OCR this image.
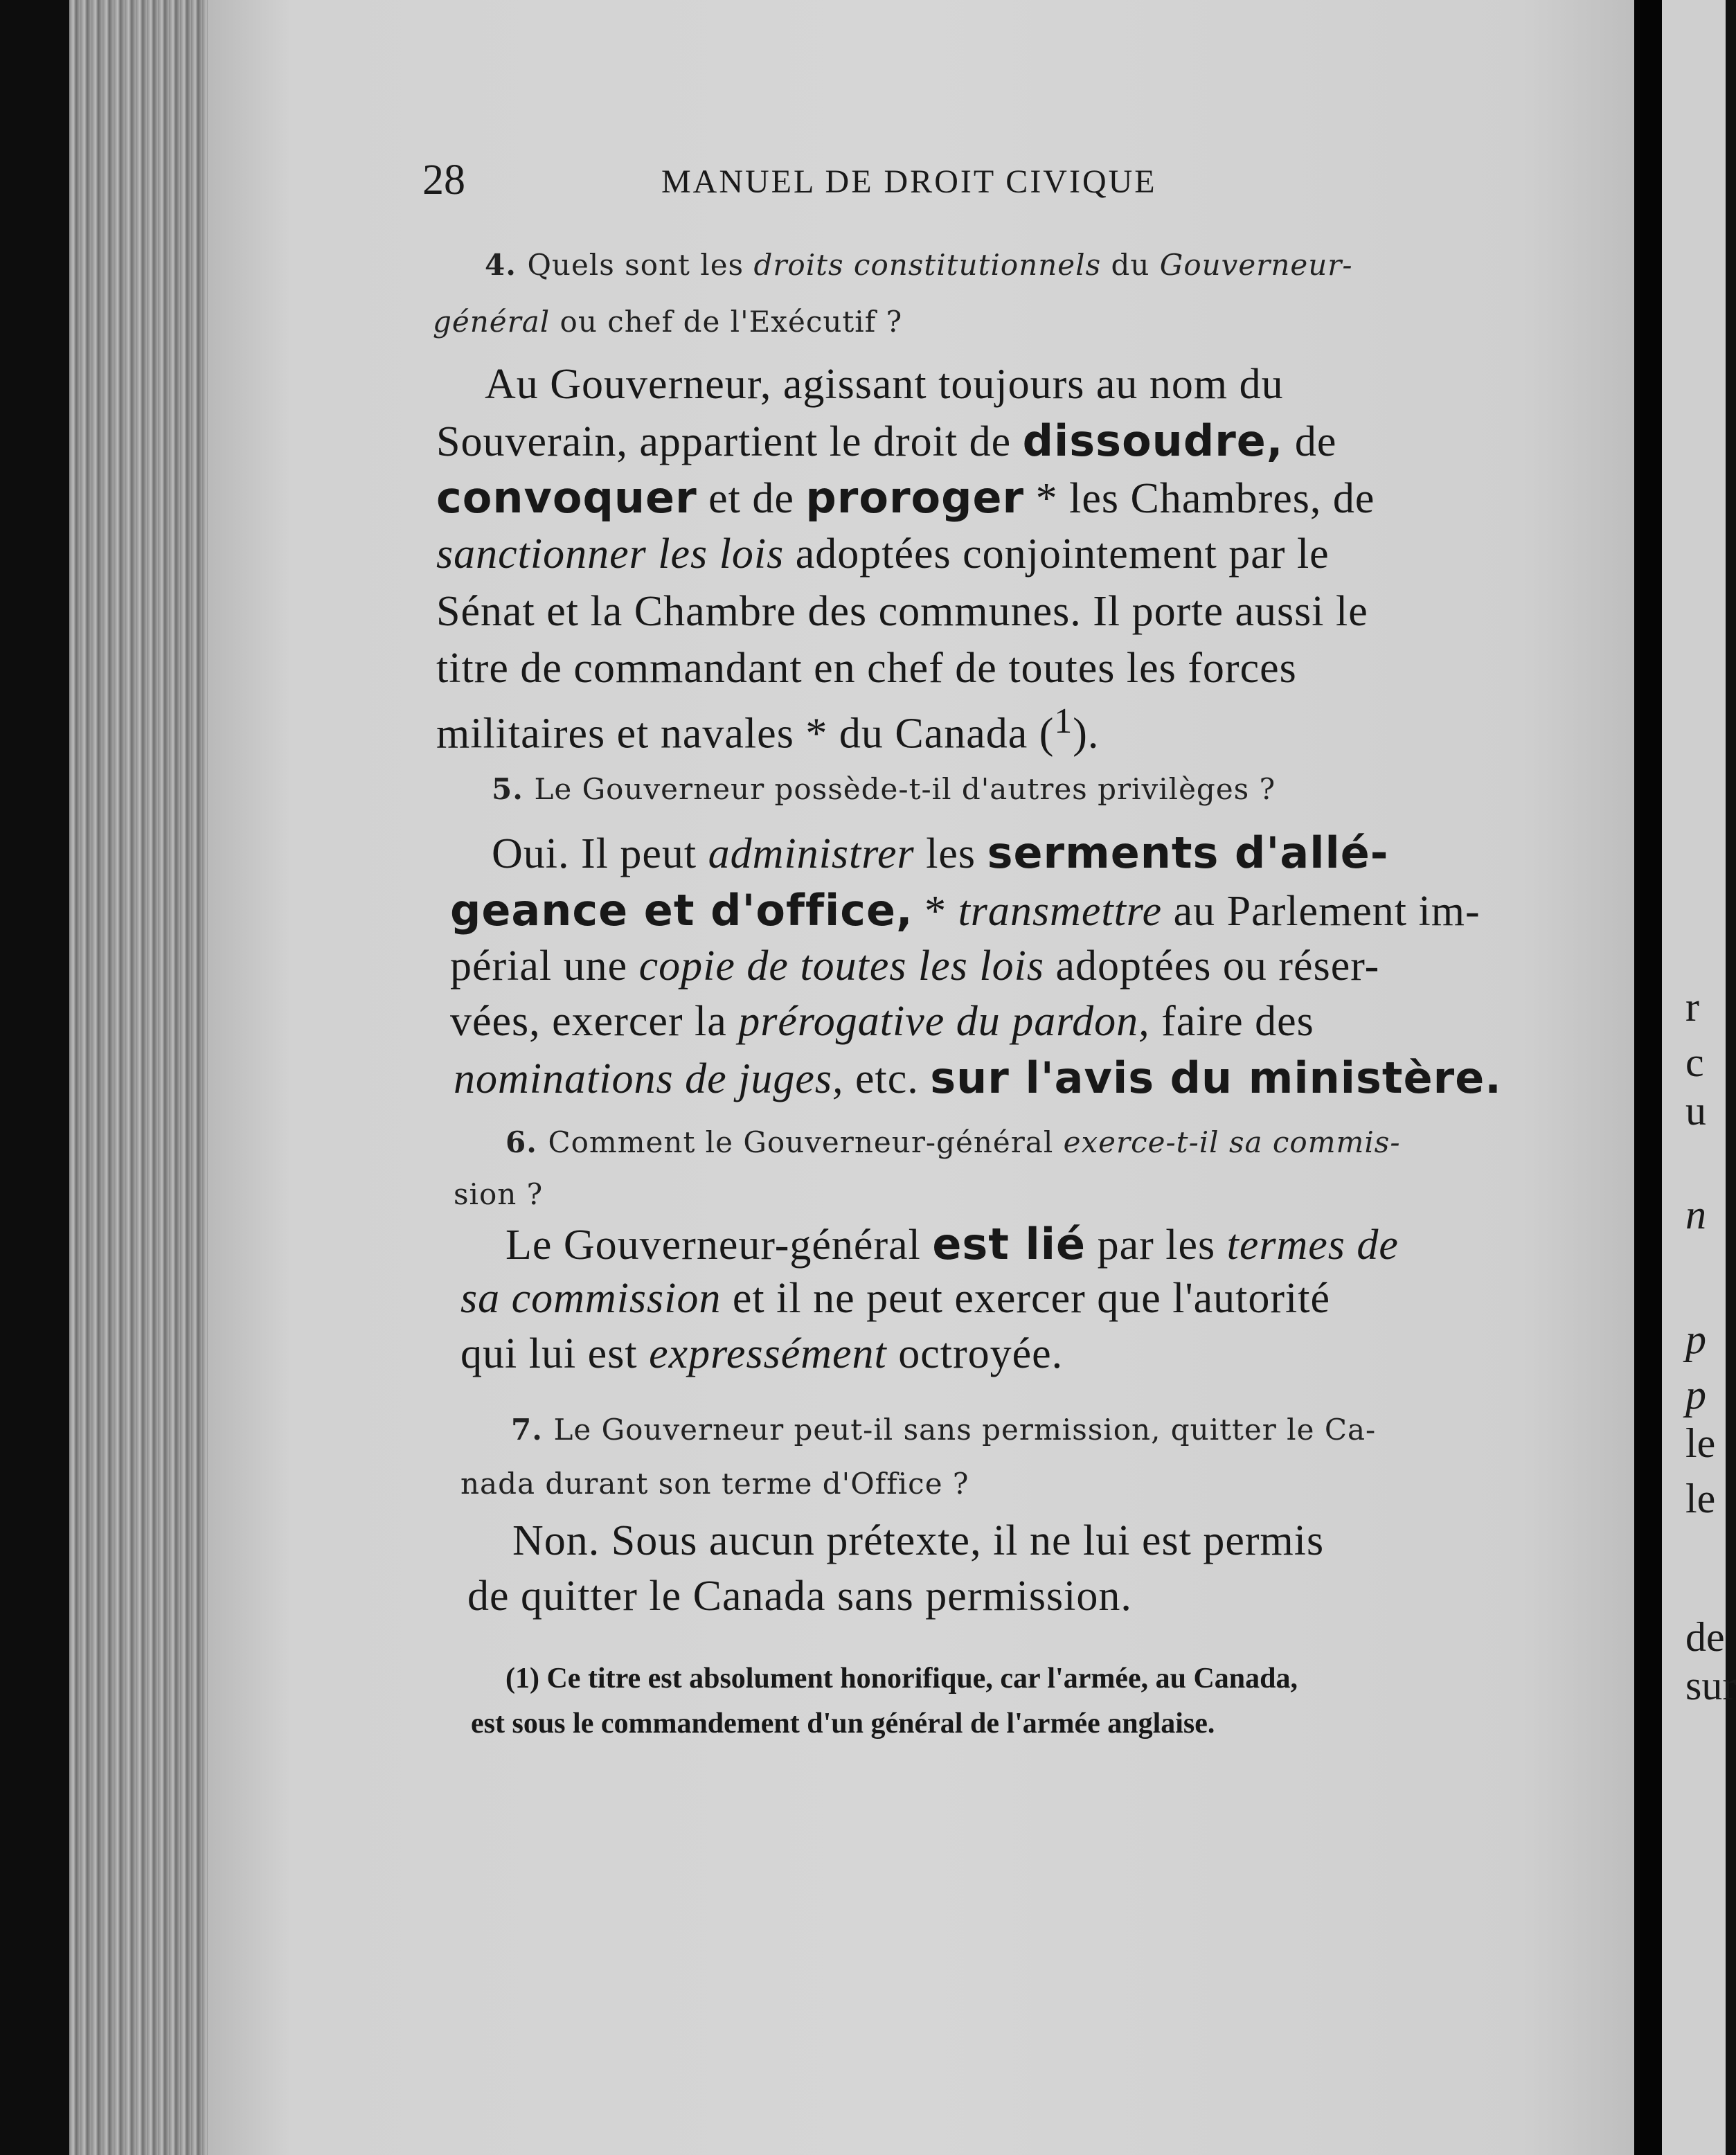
28	MANUEL DE DROIT CIVIQUE
4. Quels sont les droits constitutionnels du Gouverneur-
général ou chef de l'Exécutif ?
Au Gouverneur, agissant toujours au nom du
Souverain, appartient le droit de dissoudre, de
convoquer et de proroger * les Chambres, de
sanctionner les lois adoptées conjointement par le
Sénat et la Chambre des communes. Il porte aussi le
titre de commandant en chef de toutes les forces
militaires et navales * du Canada ($^1$).
5. Le Gouverneur possède-t-il d'autres privilèges ?
Oui. Il peut administrer les serments d'allé-
geance et d'office, * transmettre au Parlement im-
périal une copie de toutes les lois adoptées ou réser-
vées, exercer la prérogative du pardon, faire des
nominations de juges, etc. sur l'avis du ministère.
6. Comment le Gouverneur-général exerce-t-il sa commis-
sion ?
Le Gouverneur-général est lié par les termes de
sa commission et il ne peut exercer que l'autorité
qui lui est expressément octroyée.
7. Le Gouverneur peut-il sans permission, quitter le Ca-
nada durant son terme d'Office ?
Non. Sous aucun prétexte, il ne lui est permis
de quitter le Canada sans permission.
(1) Ce titre est absolument honorifique, car l'armée, au Canada,
est sous le commandement d'un général de l'armée anglaise.
r
c
u
n
p
p
le
le
de
sur
